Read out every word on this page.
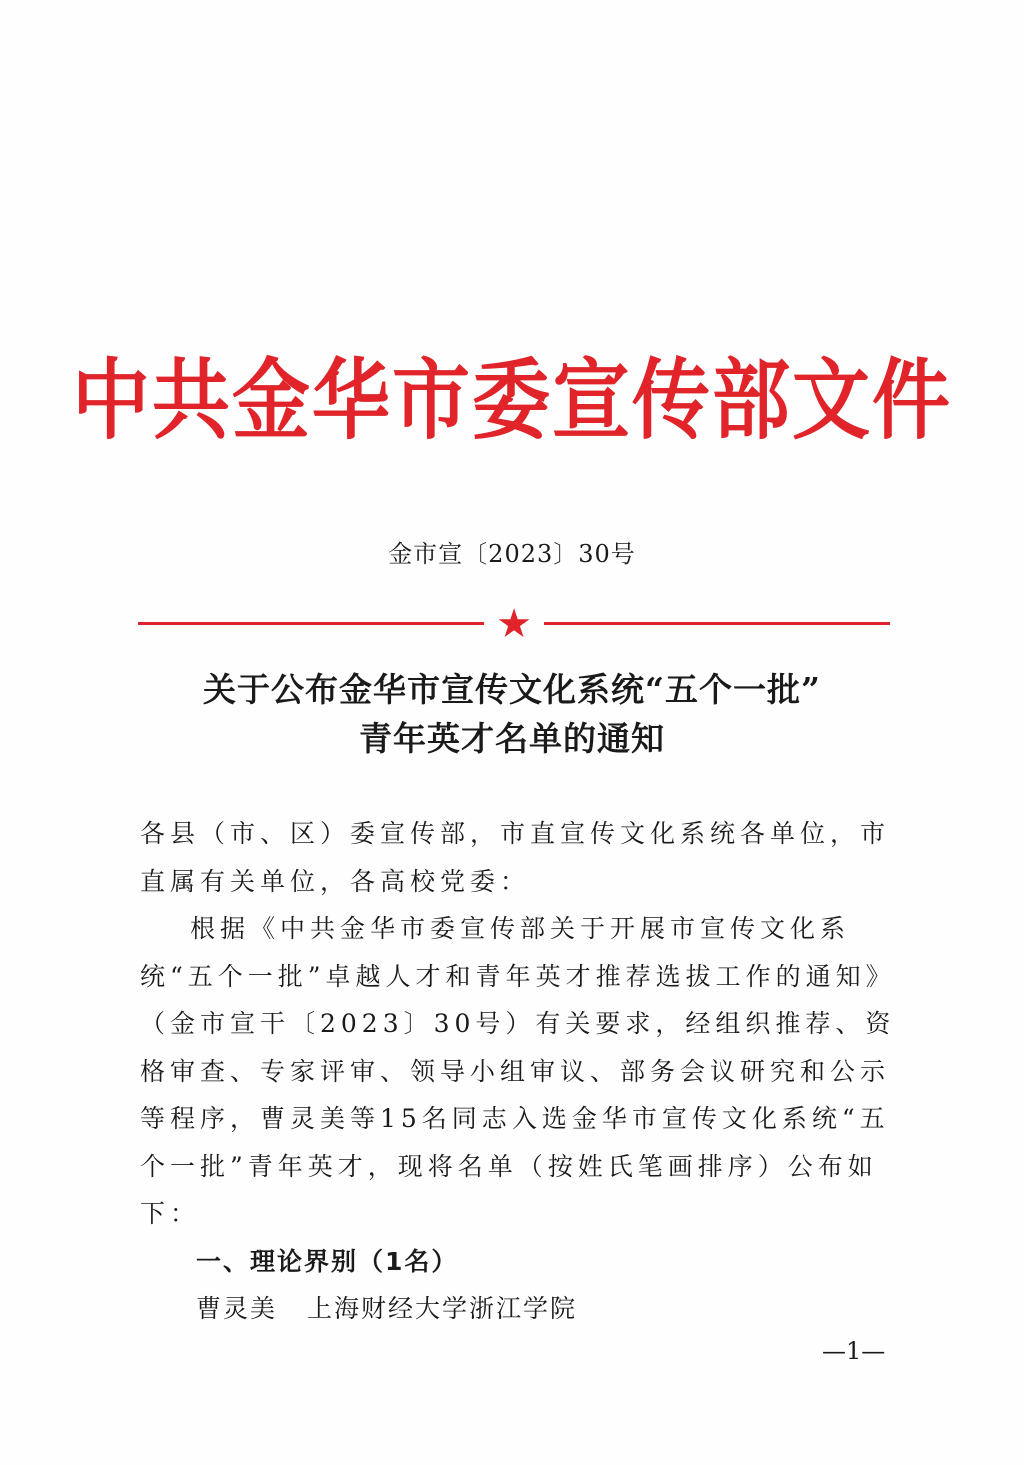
中共金华市委宣传部文件
金市宣〔2023〕30号
★
关于公布金华市宣传文化系统“五个一批”
青年英才名单的通知

各县（市、区）委宣传部，市直宣传文化系统各单位，市直属有关单位，各高校党委：

根据《中共金华市委宣传部关于开展市宣传文化系统“五个一批”卓越人才和青年英才推荐选拔工作的通知》（金市宣干〔2023〕30号）有关要求，经组织推荐、资格审查、专家评审、领导小组审议、部务会议研究和公示等程序，曹灵美等15名同志入选金华市宣传文化系统“五个一批”青年英才，现将名单（按姓氏笔画排序）公布如下：

一、理论界别（1名）

曹灵美 上海财经大学浙江学院

—1—
